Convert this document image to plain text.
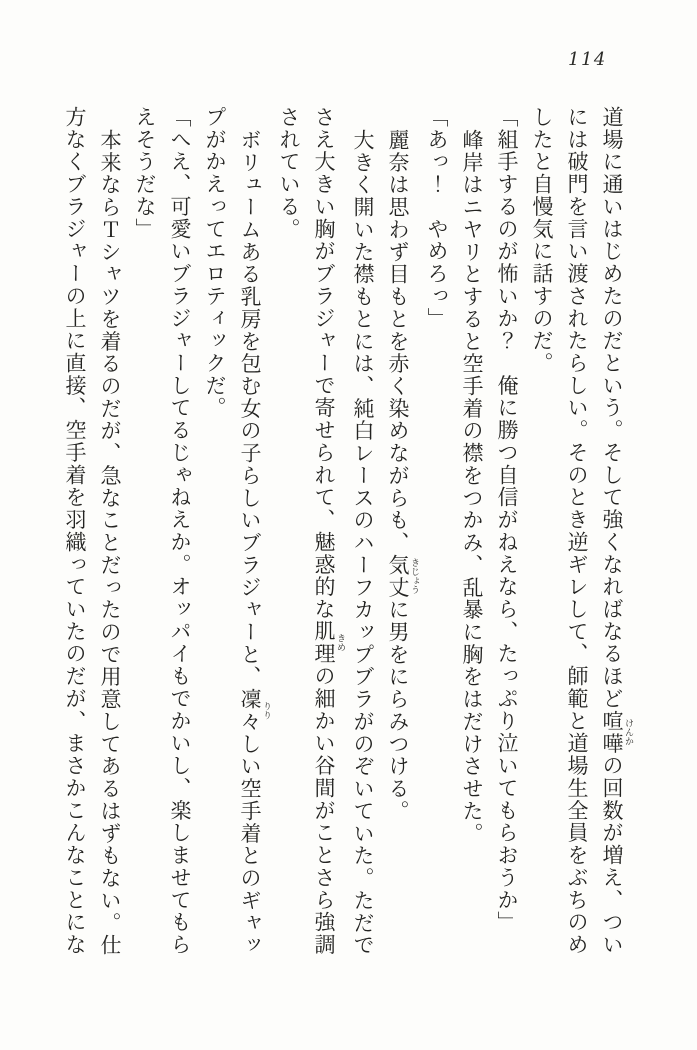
114

道場に通いはじめたのだという。そして強くなればなるほど喧嘩 けんかの回数が増え、つい

には破門を言い渡されたらしい。そのとき逆ギレして、師範と道場生全員をぶちのめ

したと自慢気に話すのだ。

「組手するのが怖いか？　俺に勝つ自信がねえなら、たっぷり泣いてもらおうか」

峰岸はニヤリとすると空手着の襟をつかみ、乱暴に胸をはだけさせた。

「あっ！　やめろっ」

麗奈は思わず目もとを赤く染めながらも、気丈 きじょうに男をにらみつける。

大きく開いた襟もとには、純白レースのハーフカップブラがのぞいていた。ただで

さえ大きい胸がブラジャーで寄せられて、魅惑的な肌理 きめの細かい谷間がことさら強調

されている。

ボリュームある乳房を包む女の子らしいブラジャーと、凜々 りりしい空手着とのギャッ

プがかえってエロティックだ。

「へえ、可愛いブラジャーしてるじゃねえか。オッパイもでかいし、楽しませてもら

えそうだな」

本来ならＴシャツを着るのだが、急なことだったので用意してあるはずもない。仕

方なくブラジャーの上に直接、空手着を羽織っていたのだが、まさかこんなことにな
